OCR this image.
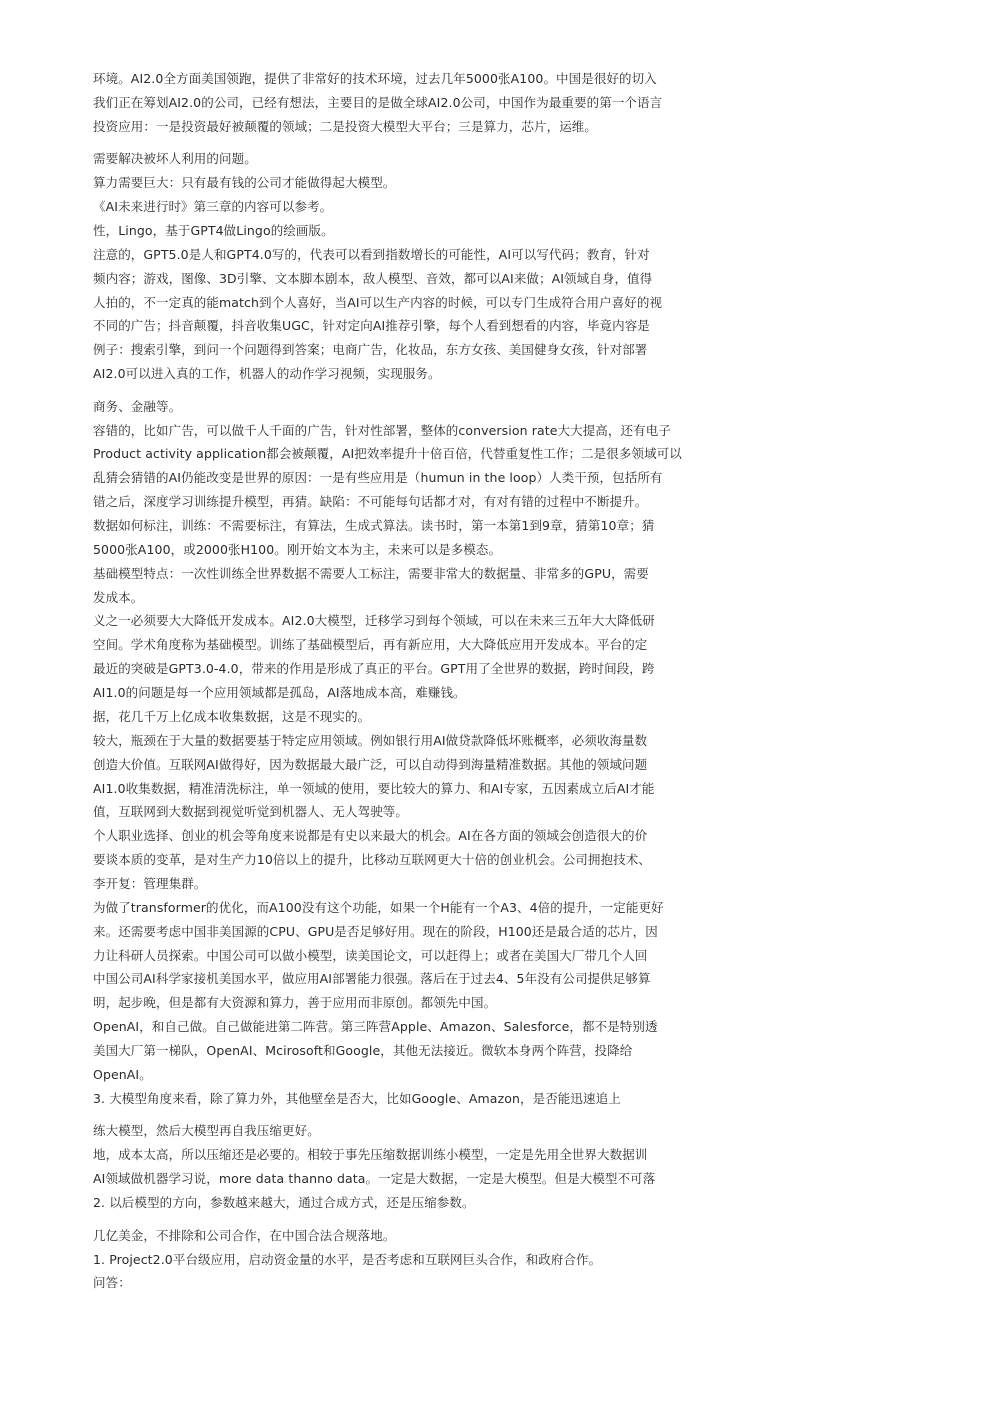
环境。AI2.0全方面美国领跑，提供了非常好的技术环境，过去几年5000张A100。中国是很好的切入
我们正在筹划AI2.0的公司，已经有想法，主要目的是做全球AI2.0公司，中国作为最重要的第一个语言
投资应用：一是投资最好被颠覆的领域；二是投资大模型大平台；三是算力，芯片，运维。
需要解决被坏人利用的问题。
算力需要巨大：只有最有钱的公司才能做得起大模型。
《AI未来进行时》第三章的内容可以参考。
性，Lingo，基于GPT4做Lingo的绘画版。
注意的，GPT5.0是人和GPT4.0写的，代表可以看到指数增长的可能性，AI可以写代码；教育，针对
频内容；游戏，图像、3D引擎、文本脚本剧本，敌人模型、音效，都可以AI来做；AI领域自身，值得
人拍的，不一定真的能match到个人喜好，当AI可以生产内容的时候，可以专门生成符合用户喜好的视
不同的广告；抖音颠覆，抖音收集UGC，针对定向AI推荐引擎，每个人看到想看的内容，毕竟内容是
例子：搜索引擎，到问一个问题得到答案；电商广告，化妆品，东方女孩、美国健身女孩，针对部署
AI2.0可以进入真的工作，机器人的动作学习视频，实现服务。
商务、金融等。
容错的，比如广告，可以做千人千面的广告，针对性部署，整体的conversion rate大大提高，还有电子
Product activity application都会被颠覆，AI把效率提升十倍百倍，代替重复性工作；二是很多领域可以
乱猜会猜错的AI仍能改变是世界的原因：一是有些应用是（humun in the loop）人类干预，包括所有
错之后，深度学习训练提升模型，再猜。缺陷：不可能每句话都才对，有对有错的过程中不断提升。
数据如何标注，训练：不需要标注，有算法，生成式算法。读书时，第一本第1到9章，猜第10章；猜
5000张A100，或2000张H100。刚开始文本为主，未来可以是多模态。
基础模型特点：一次性训练全世界数据不需要人工标注，需要非常大的数据量、非常多的GPU，需要
发成本。
义之一必须要大大降低开发成本。AI2.0大模型，迁移学习到每个领域，可以在未来三五年大大降低研
空间。学术角度称为基础模型。训练了基础模型后，再有新应用，大大降低应用开发成本。平台的定
最近的突破是GPT3.0-4.0，带来的作用是形成了真正的平台。GPT用了全世界的数据，跨时间段，跨
AI1.0的问题是每一个应用领域都是孤岛，AI落地成本高，难赚钱。
据，花几千万上亿成本收集数据，这是不现实的。
较大，瓶颈在于大量的数据要基于特定应用领域。例如银行用AI做贷款降低坏账概率，必须收海量数
创造大价值。互联网AI做得好，因为数据最大最广泛，可以自动得到海量精准数据。其他的领域问题
AI1.0收集数据，精准清洗标注，单一领域的使用，要比较大的算力、和AI专家，五因素成立后AI才能
值，互联网到大数据到视觉听觉到机器人、无人驾驶等。
个人职业选择、创业的机会等角度来说都是有史以来最大的机会。AI在各方面的领域会创造很大的价
要谈本质的变革，是对生产力10倍以上的提升，比移动互联网更大十倍的创业机会。公司拥抱技术、
李开复：管理集群。
为做了transformer的优化，而A100没有这个功能，如果一个H能有一个A3、4倍的提升，一定能更好
来。还需要考虑中国非美国源的CPU、GPU是否足够好用。现在的阶段，H100还是最合适的芯片，因
力让科研人员探索。中国公司可以做小模型，读美国论文，可以赶得上；或者在美国大厂带几个人回
中国公司AI科学家接机美国水平，做应用AI部署能力很强。落后在于过去4、5年没有公司提供足够算
明，起步晚，但是都有大资源和算力，善于应用而非原创。都领先中国。
OpenAI，和自己做。自己做能进第二阵营。第三阵营Apple、Amazon、Salesforce，都不是特别透
美国大厂第一梯队，OpenAI、Mcirosoft和Google，其他无法接近。微软本身两个阵营，投降给
OpenAI。
3. 大模型角度来看，除了算力外，其他壁垒是否大，比如Google、Amazon，是否能迅速追上
练大模型，然后大模型再自我压缩更好。
地，成本太高，所以压缩还是必要的。相较于事先压缩数据训练小模型，一定是先用全世界大数据训
AI领域做机器学习说，more data thanno data。一定是大数据，一定是大模型。但是大模型不可落
2. 以后模型的方向，参数越来越大，通过合成方式，还是压缩参数。
几亿美金，不排除和公司合作，在中国合法合规落地。
1. Project2.0平台级应用，启动资金量的水平，是否考虑和互联网巨头合作，和政府合作。
问答：
